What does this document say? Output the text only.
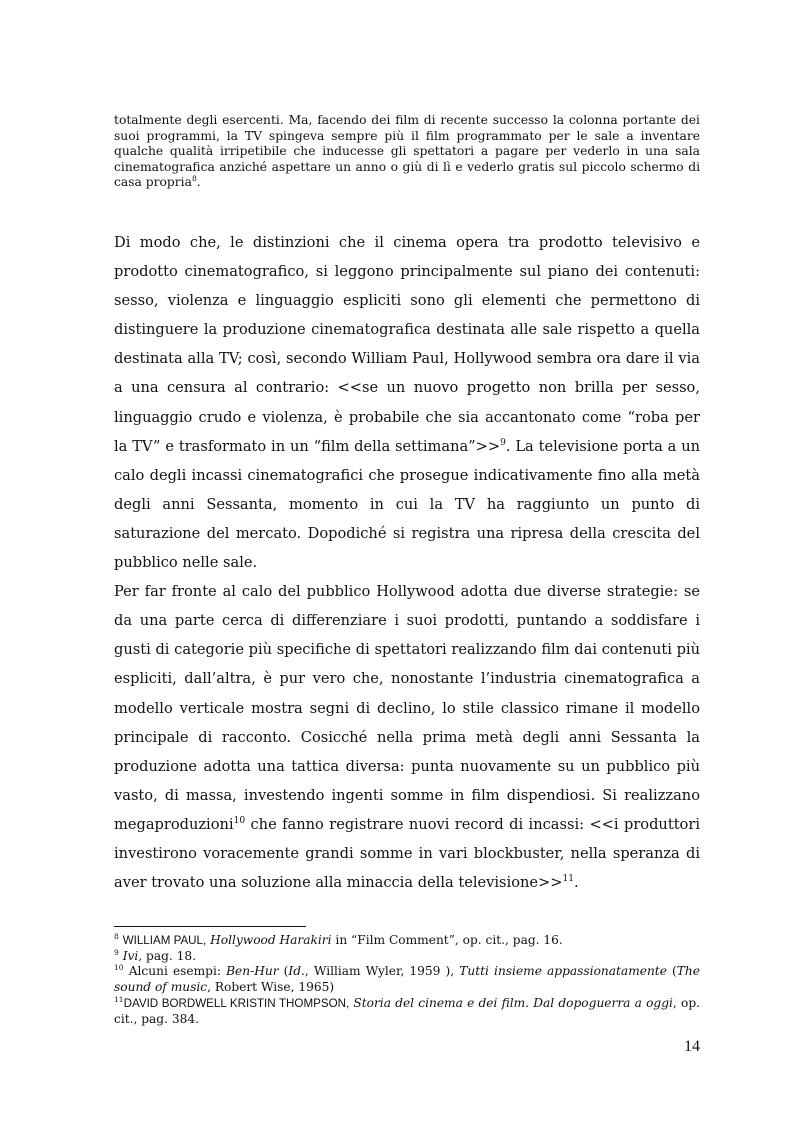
totalmente degli esercenti. Ma, facendo dei film di recente successo la colonna portante dei suoi programmi, la TV spingeva sempre più il film programmato per le sale a inventare qualche qualità irripetibile che inducesse gli spettatori a pagare per vederlo in una sala cinematografica anziché aspettare un anno o giù di lì e vederlo gratis sul piccolo schermo di casa propria$^8$.

Di modo che, le distinzioni che il cinema opera tra prodotto televisivo e prodotto cinematografico, si leggono principalmente sul piano dei contenuti: sesso, violenza e linguaggio espliciti sono gli elementi che permettono di distinguere la produzione cinematografica destinata alle sale rispetto a quella destinata alla TV; così, secondo William Paul, Hollywood sembra ora dare il via a una censura al contrario: <<se un nuovo progetto non brilla per sesso, linguaggio crudo e violenza, è probabile che sia accantonato come “roba per la TV” e trasformato in un “film della settimana”>>$^9$. La televisione porta a un calo degli incassi cinematografici che prosegue indicativamente fino alla metà degli anni Sessanta, momento in cui la TV ha raggiunto un punto di saturazione del mercato. Dopodiché si registra una ripresa della crescita del pubblico nelle sale.

Per far fronte al calo del pubblico Hollywood adotta due diverse strategie: se da una parte cerca di differenziare i suoi prodotti, puntando a soddisfare i gusti di categorie più specifiche di spettatori realizzando film dai contenuti più espliciti, dall’altra, è pur vero che, nonostante l’industria cinematografica a modello verticale mostra segni di declino, lo stile classico rimane il modello principale di racconto. Cosicché nella prima metà degli anni Sessanta la produzione adotta una tattica diversa: punta nuovamente su un pubblico più vasto, di massa, investendo ingenti somme in film dispendiosi. Si realizzano megaproduzioni$^{10}$ che fanno registrare nuovi record di incassi: <<i produttori investirono voracemente grandi somme in vari blockbuster, nella speranza di aver trovato una soluzione alla minaccia della televisione>>$^{11}$.

$^8$ WILLIAM PAUL, Hollywood Harakiri in “Film Comment”, op. cit., pag. 16.

$^9$ Ivi, pag. 18.

$^{10}$ Alcuni esempi: Ben-Hur (Id., William Wyler, 1959 ), Tutti insieme appassionatamente (The sound of music, Robert Wise, 1965)

$^{11}$DAVID BORDWELL KRISTIN THOMPSON, Storia del cinema e dei film. Dal dopoguerra a oggi, op. cit., pag. 384.

14
